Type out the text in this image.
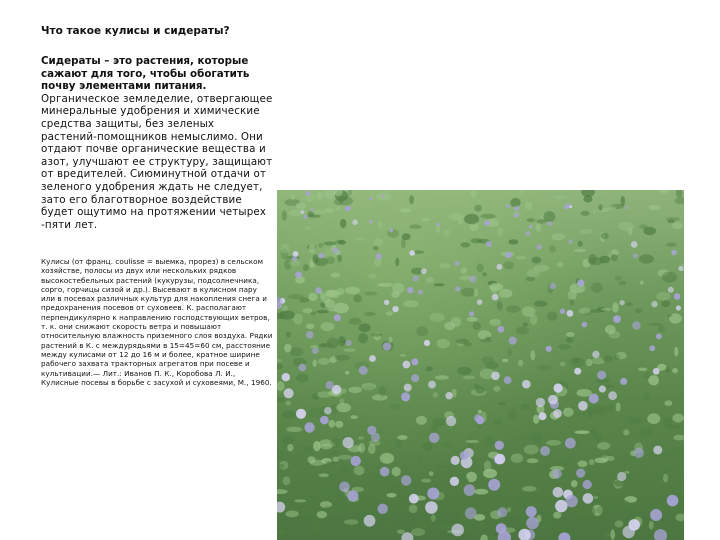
Что такое кулисы и сидераты?
Сидераты – это растения, которые сажают для того, чтобы обогатить почву элементами питания.
Органическое земледелие, отвергающее минеральные удобрения и химические средства защиты, без зеленых растений-помощников немыслимо. Они отдают почве органические вещества и азот, улучшают ее структуру, защищают от вредителей. Сиюминутной отдачи от зеленого удобрения ждать не следует, зато его благотворное воздействие будет ощутимо на протяжении четырех -пяти лет.
Кулисы (от франц. coulisse = выемка, прорез) в сельском хозяйстве, полосы из двух или нескольких рядков высокостебельных растений (кукурузы, подсолнечника, сорго, горчицы сизой и др.). Высевают в кулисном пару или в посевах различных культур для накопления снега и предохранения посевов от суховеев. К. располагают перпендикулярно к направлению господствующих ветров, т. к. они снижают скорость ветра и повышают относительную влажность приземного слоя воздуха. Рядки растений в К. с междурядьями в 15=45=60 см, расстояние между кулисами от 12 до 16 м и более, кратное ширине рабочего захвата тракторных агрегатов при посеве и культивации.— Лит.: Иванов П. К., Коробова Л. И., Кулисные посевы в борьбе с засухой и суховеями, М., 1960.
